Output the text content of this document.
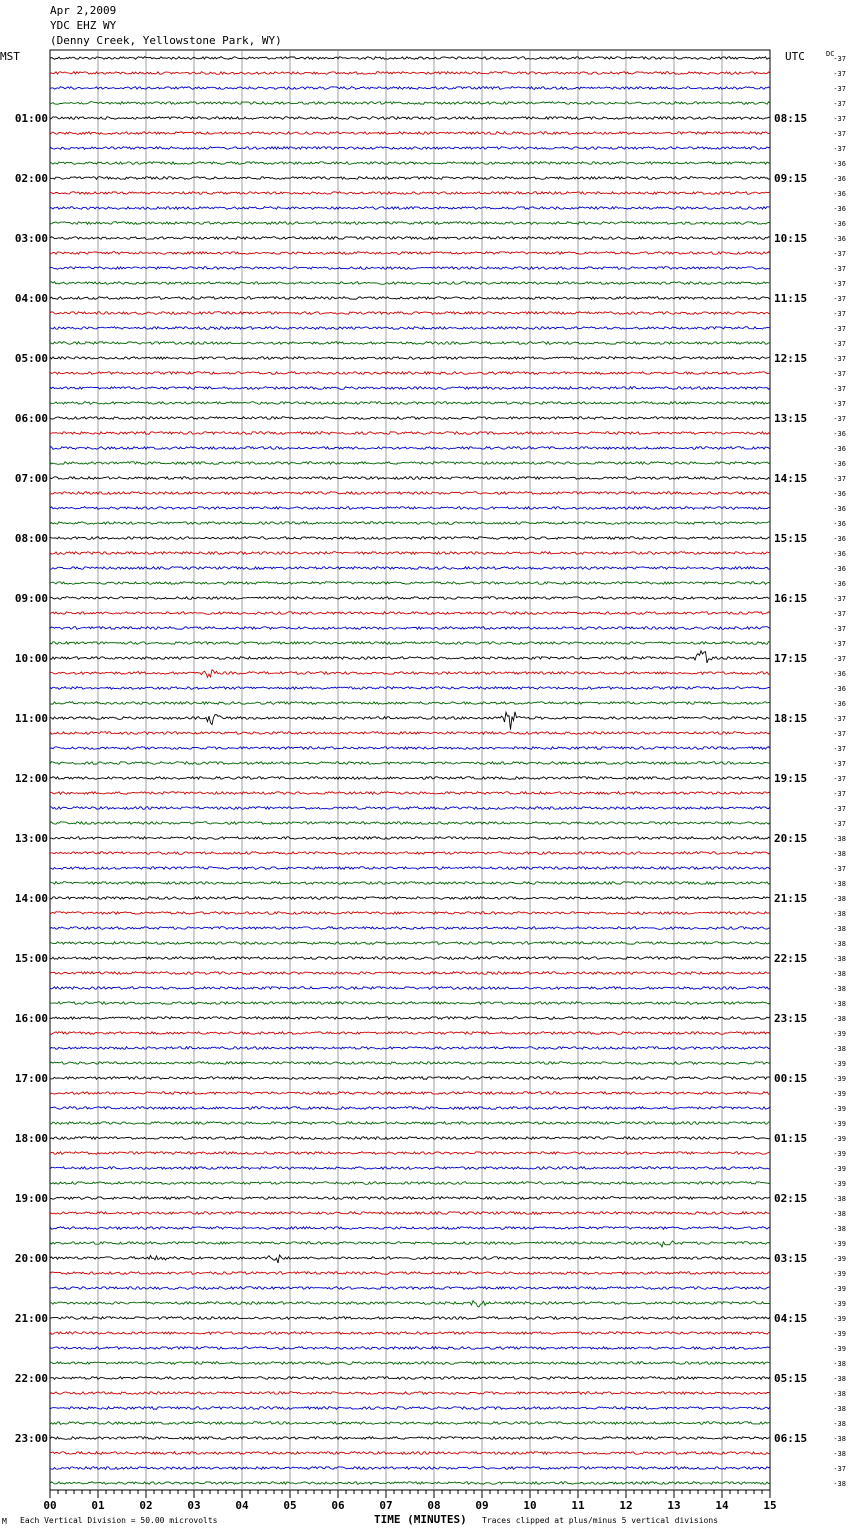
Apr 2,2009
YDC EHZ WY
(Denny Creek, Yellowstone Park, WY)
MST	UTC	DC
01:00
02:00
03:00
04:00
05:00
06:00
07:00
08:00
09:00
10:00
11:00
12:00
13:00
14:00
15:00
16:00
17:00
18:00
19:00
20:00
21:00
22:00
23:00
08:15
09:15
10:15
11:15
12:15
13:15
14:15
15:15
16:15
17:15
18:15
19:15
20:15
21:15
22:15
23:15
00:15
01:15
02:15
03:15
04:15
05:15
06:15
-37
-37
-37
-37
-37
-37
-37
-36
-36
-36
-36
-36
-36
-37
-37
-37
-37
-37
-37
-37
-37
-37
-37
-37
-37
-36
-36
-36
-37
-36
-36
-36
-36
-36
-36
-36
-37
-37
-37
-37
-37
-36
-36
-36
-37
-37
-37
-37
-37
-37
-37
-37
-38
-38
-37
-38
-38
-38
-38
-38
-38
-38
-38
-38
-38
-39
-38
-39
-39
-39
-39
-39
-39
-39
-39
-39
-38
-38
-38
-39
-39
-39
-39
-39
-39
-39
-39
-38
-38
-38
-38
-38
-38
-38
-37
-38
00	01	02	03	04	05	06	07	08	09	10	11	12	13	14	15
M Each Vertical Division = 50.00 microvolts	TIME (MINUTES) Traces clipped at plus/minus 5 vertical divisions
